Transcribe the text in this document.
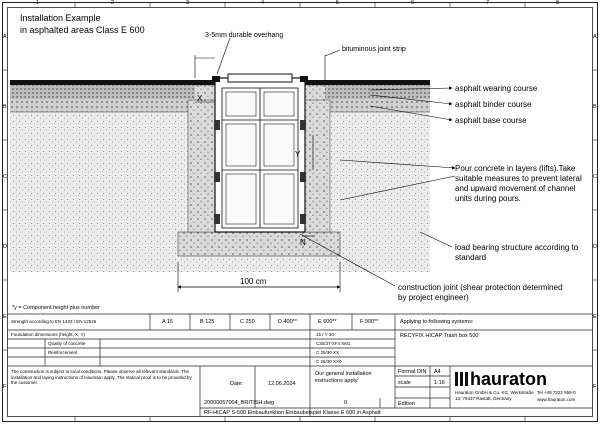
1	2	3	4	5	6	7	8
A
B
C
D
E
F
A
B
C
D
E
F
Installation Example
in asphalted areas Class E 600
3-5mm durable overhang
bituminous joint strip
asphalt wearing course
asphalt binder course
asphalt base course
Pour concrete in layers (lifts).Take
suitable measures to prevent lateral
and upward movement of channel
units during pours.
load bearing structure according to
standard
construction joint (shear protection determined
by project engineer)
100 cm
X
Y
N
*y = Component height plus number
Strength according to EN 1433 / EN 12526	A 15	B 125	C 250	D 400**	E 600**	F 900**	Applying to following systems:
RECYFIX HICAP Trash box 500
Foundation dimensions (height, X, Y)	15 / Y 20
Quality of concrete	C30/37 XF4 XM1
Reinforcement	C 25/30 XX
C 25/30 XX0
The construction is subject to local conditions. Please observe all relevant standards. The installation and laying instructions of Hauraton apply. The statical proof is to be provided by the customer.	Date:	12.06.2024
Our general installation
instructions apply.
Format DIN A4
scale	1:16
Edition
20000057004_BRITISH.dwg	0
RF-HICAP S-500 Einbaufunktion Einbaubeispiel Klasse E 600 in Asphalt
hauraton
Hauraton GmbH & Co. KG, Werkstraße 13, 76437 Rastatt, Germany
Tel +49 7222 958-0
www.hauraton.com
